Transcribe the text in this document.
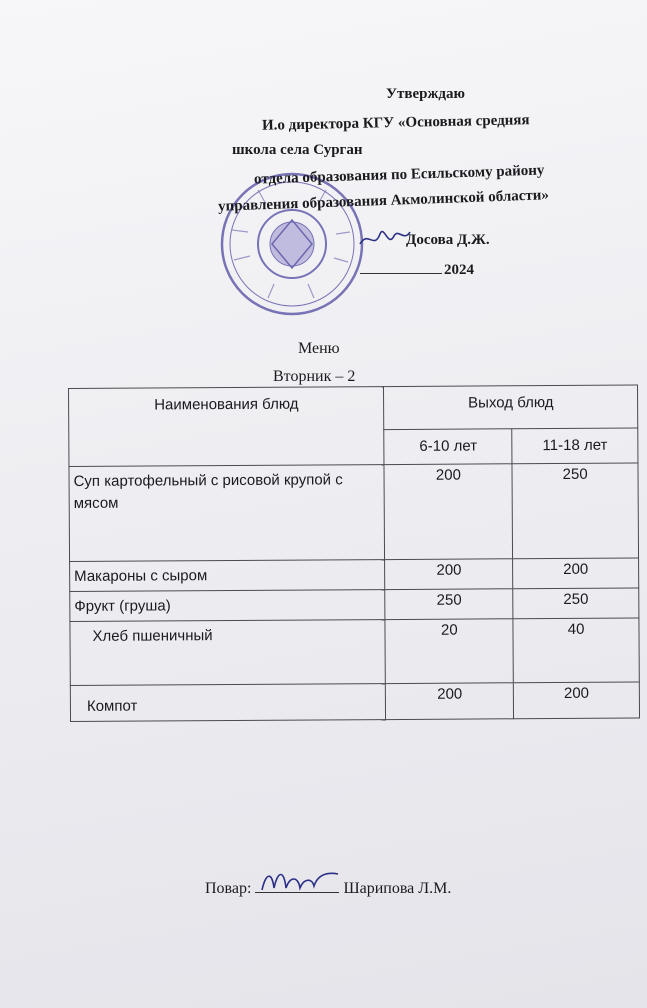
Утверждаю
И.о директора КГУ «Основная средняя
школа села Сурган
отдела образования по Есильскому району
управления образования Акмолинской области»
Досова Д.Ж.
2024
Меню
Вторник – 2
Наименования блюд	Выход блюд	
	6-10 лет	11-18 лет
Суп картофельный с рисовой крупой с мясом	200	250
Макароны с сыром	200	200
Фрукт (груша)	250	250
Хлеб пшеничный	20	40
Компот	200	200
Повар:	Шарипова Л.М.
